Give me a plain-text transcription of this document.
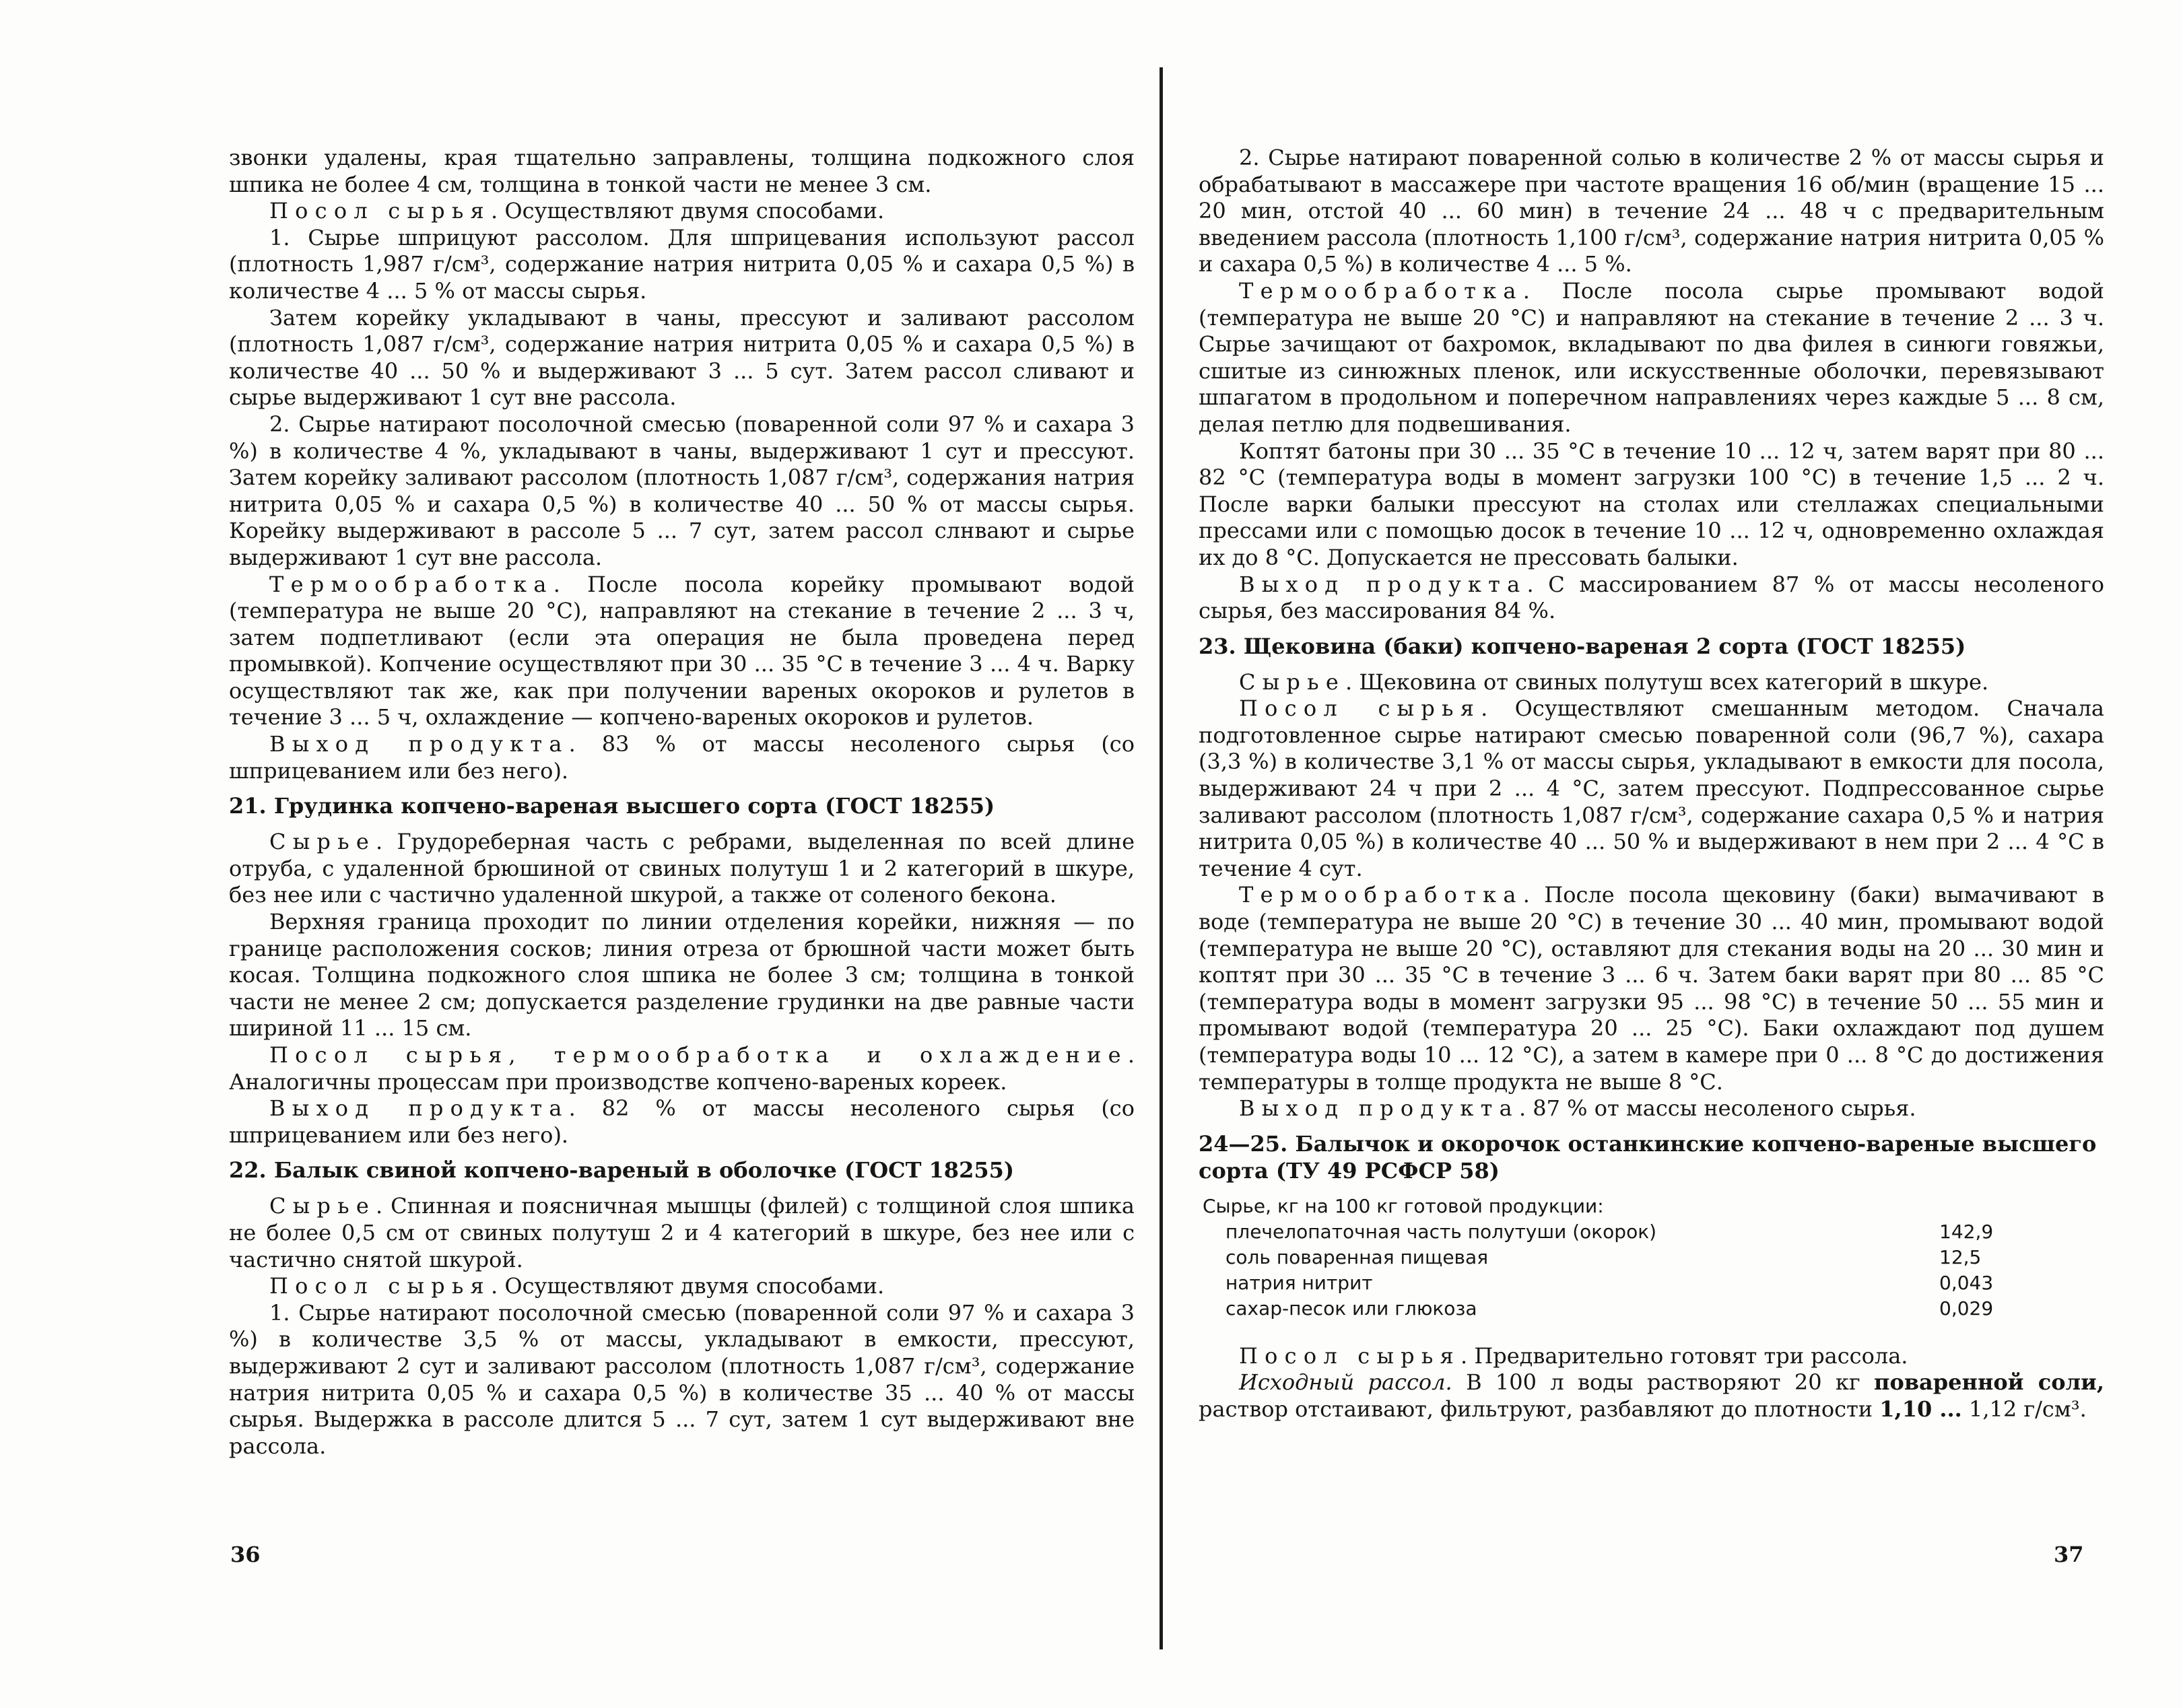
звонки удалены, края тщательно заправлены, толщина подкожного слоя шпика не более 4 см, толщина в тонкой части не менее 3 см.

Посол сырья. Осуществляют двумя способами.

1. Сырье шприцуют рассолом. Для шприцевания используют рассол (плотность 1,987 г/см³, содержание натрия нитрита 0,05 % и сахара 0,5 %) в количестве 4 ... 5 % от массы сырья.

Затем корейку укладывают в чаны, прессуют и заливают рассолом (плотность 1,087 г/см³, содержание натрия нитрита 0,05 % и сахара 0,5 %) в количестве 40 ... 50 % и выдерживают 3 ... 5 сут. Затем рассол сливают и сырье выдерживают 1 сут вне рассола.

2. Сырье натирают посолочной смесью (поваренной соли 97 % и сахара 3 %) в количестве 4 %, укладывают в чаны, выдерживают 1 сут и прессуют. Затем корейку заливают рассолом (плотность 1,087 г/см³, содержания натрия нитрита 0,05 % и сахара 0,5 %) в количестве 40 ... 50 % от массы сырья. Корейку выдерживают в рассоле 5 ... 7 сут, затем рассол слнвают и сырье выдерживают 1 сут вне рассола.

Термообработка. После посола корейку промывают водой (температура не выше 20 °С), направляют на стекание в течение 2 ... 3 ч, затем подпетливают (если эта операция не была проведена перед промывкой). Копчение осуществляют при 30 ... 35 °С в течение 3 ... 4 ч. Варку осуществляют так же, как при получении вареных окороков и рулетов в течение 3 ... 5 ч, охлаждение — копчено-вареных окороков и рулетов.

Выход продукта. 83 % от массы несоленого сырья (со шприцеванием или без него).

21. Грудинка копчено-вареная высшего сорта (ГОСТ 18255)

Сырье. Грудореберная часть с ребрами, выделенная по всей длине отруба, с удаленной брюшиной от свиных полутуш 1 и 2 категорий в шкуре, без нее или с частично удаленной шкурой, а также от соленого бекона.

Верхняя граница проходит по линии отделения корейки, нижняя — по границе расположения сосков; линия отреза от брюшной части может быть косая. Толщина подкожного слоя шпика не более 3 см; толщина в тонкой части не менее 2 см; допускается разделение грудинки на две равные части шириной 11 ... 15 см.

Посол сырья, термообработка и охлаждение. Аналогичны процессам при производстве копчено-вареных кореек.

Выход продукта. 82 % от массы несоленого сырья (со шприцеванием или без него).

22. Балык свиной копчено-вареный в оболочке (ГОСТ 18255)

Сырье. Спинная и поясничная мышцы (филей) с толщиной слоя шпика не более 0,5 см от свиных полутуш 2 и 4 категорий в шкуре, без нее или с частично снятой шкурой.

Посол сырья. Осуществляют двумя способами.

1. Сырье натирают посолочной смесью (поваренной соли 97 % и сахара 3 %) в количестве 3,5 % от массы, укладывают в емкости, прессуют, выдерживают 2 сут и заливают рассолом (плотность 1,087 г/см³, содержание натрия нитрита 0,05 % и сахара 0,5 %) в количестве 35 ... 40 % от массы сырья. Выдержка в рассоле длится 5 ... 7 сут, затем 1 сут выдерживают вне рассола.

36

2. Сырье натирают поваренной солью в количестве 2 % от массы сырья и обрабатывают в массажере при частоте вращения 16 об/мин (вращение 15 ... 20 мин, отстой 40 ... 60 мин) в течение 24 ... 48 ч с предварительным введением рассола (плотность 1,100 г/см³, содержание натрия нитрита 0,05 % и сахара 0,5 %) в количестве 4 ... 5 %.

Термообработка. После посола сырье промывают водой (температура не выше 20 °С) и направляют на стекание в течение 2 ... 3 ч. Сырье зачищают от бахромок, вкладывают по два филея в синюги говяжьи, сшитые из синюжных пленок, или искусственные оболочки, перевязывают шпагатом в продольном и поперечном направлениях через каждые 5 ... 8 см, делая петлю для подвешивания.

Коптят батоны при 30 ... 35 °С в течение 10 ... 12 ч, затем варят при 80 ... 82 °С (температура воды в момент загрузки 100 °С) в течение 1,5 ... 2 ч. После варки балыки прессуют на столах или стеллажах специальными прессами или с помощью досок в течение 10 ... 12 ч, одновременно охлаждая их до 8 °С. Допускается не прессовать балыки.

Выход продукта. С массированием 87 % от массы несоленого сырья, без массирования 84 %.

23. Щековина (баки) копчено-вареная 2 сорта (ГОСТ 18255)

Сырье. Щековина от свиных полутуш всех категорий в шкуре.

Посол сырья. Осуществляют смешанным методом. Сначала подготовленное сырье натирают смесью поваренной соли (96,7 %), сахара (3,3 %) в количестве 3,1 % от массы сырья, укладывают в емкости для посола, выдерживают 24 ч при 2 ... 4 °С, затем прессуют. Подпрессованное сырье заливают рассолом (плотность 1,087 г/см³, содержание сахара 0,5 % и натрия нитрита 0,05 %) в количестве 40 ... 50 % и выдерживают в нем при 2 ... 4 °С в течение 4 сут.

Термообработка. После посола щековину (баки) вымачивают в воде (температура не выше 20 °С) в течение 30 ... 40 мин, промывают водой (температура не выше 20 °С), оставляют для стекания воды на 20 ... 30 мин и коптят при 30 ... 35 °С в течение 3 ... 6 ч. Затем баки варят при 80 ... 85 °С (температура воды в момент загрузки 95 ... 98 °С) в течение 50 ... 55 мин и промывают водой (температура 20 ... 25 °С). Баки охлаждают под душем (температура воды 10 ... 12 °С), а затем в камере при 0 ... 8 °С до достижения температуры в толще продукта не выше 8 °С.

Выход продукта. 87 % от массы несоленого сырья.

24—25. Балычок и окорочок останкинские копчено-вареные высшего сорта (ТУ 49 РСФСР 58)
Сырье, кг на 100 кг готовой продукции:
плечелопаточная часть полутуши (окорок)	142,9
соль поваренная пищевая	12,5
натрия нитрит	0,043
сахар-песок или глюкоза	0,029

Посол сырья. Предварительно готовят три рассола.

Исходный рассол. В 100 л воды растворяют 20 кг поваренной соли, раствор отстаивают, фильтруют, разбавляют до плотности 1,10 ... 1,12 г/см³.

37
